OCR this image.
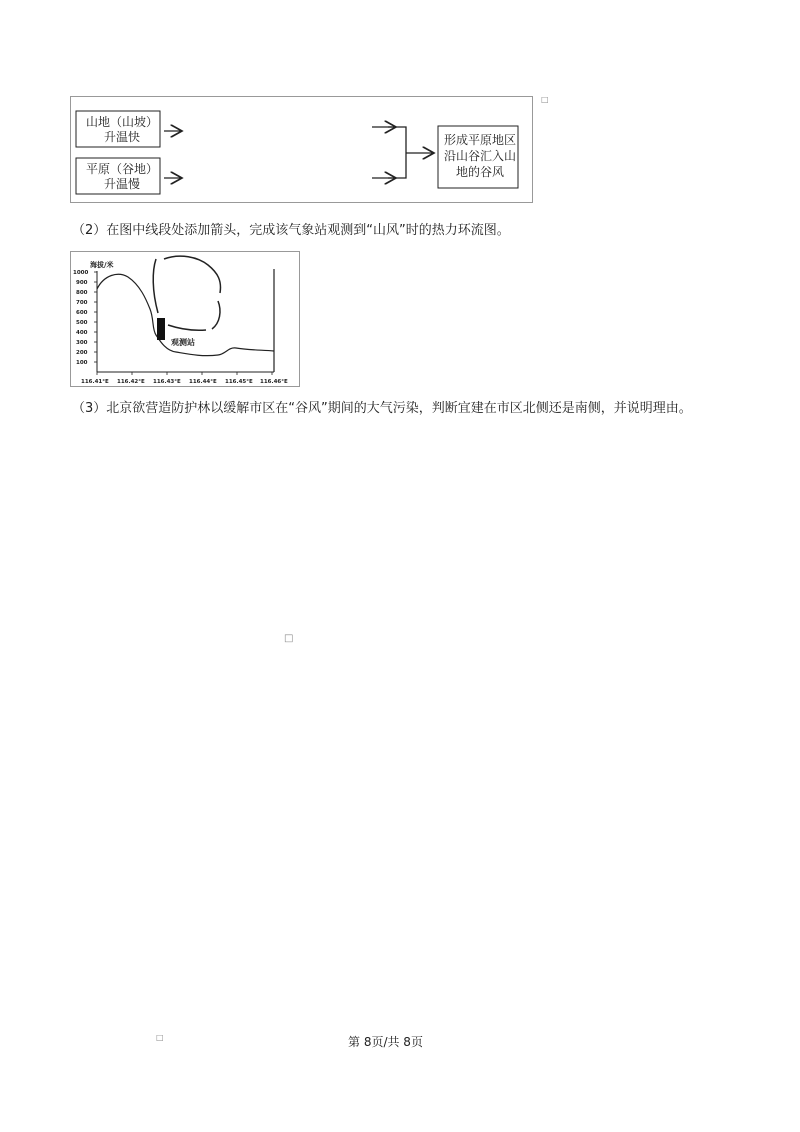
□
□
□
山地（山坡）
升温快
平原（谷地）
升温慢
形成平原地区
沿山谷汇入山
地的谷风
（2）在图中线段处添加箭头，完成该气象站观测到“山风”时的热力环流图。
海拔/米
1000
900
800
700
600
500
400
300
200
100
116.41°E 116.42°E 116.43°E 116.44°E 116.45°E 116.46°E
观测站
（3）北京欲营造防护林以缓解市区在“谷风”期间的大气污染，判断宜建在市区北侧还是南侧，并说明理由。
第 8页/共 8页
